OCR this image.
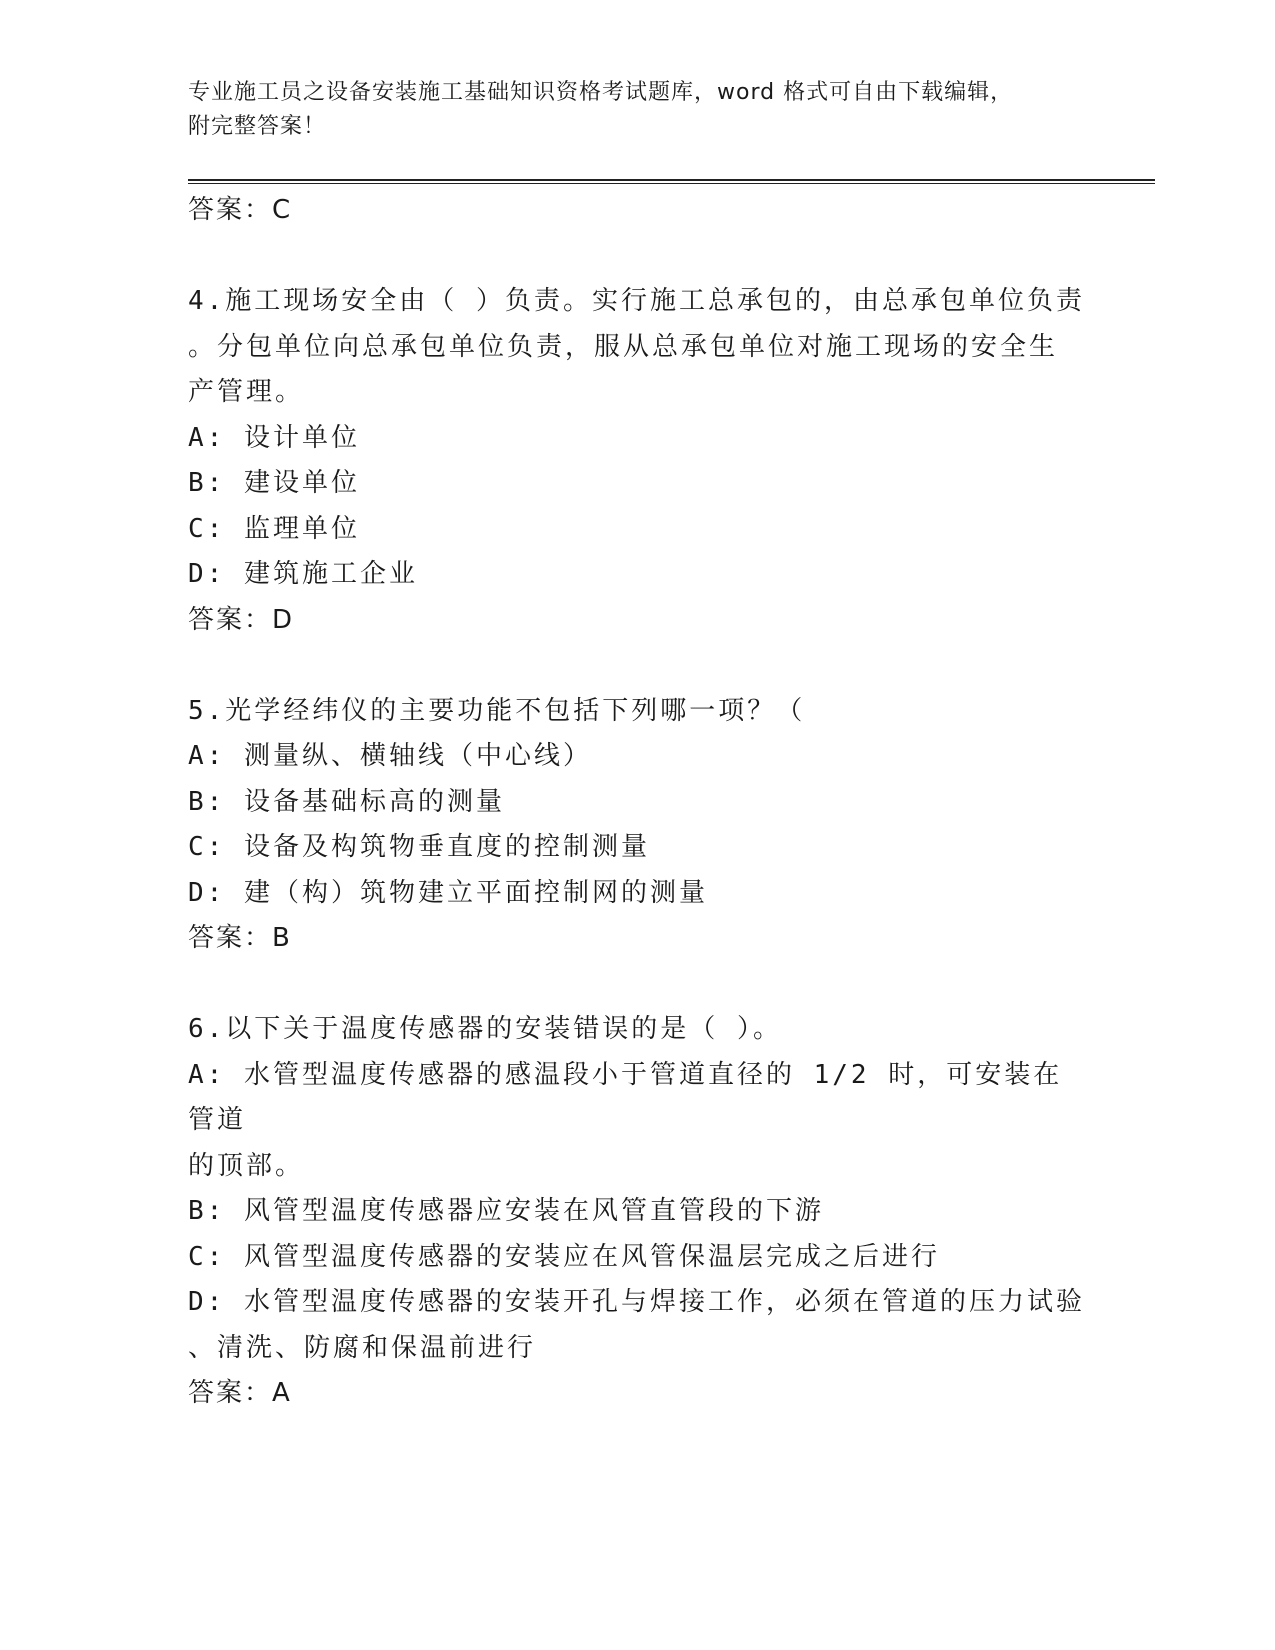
专业施工员之设备安装施工基础知识资格考试题库，word 格式可自由下载编辑，
附完整答案！

答案：C

4.施工现场安全由（ ）负责。实行施工总承包的，由总承包单位负责

。分包单位向总承包单位负责，服从总承包单位对施工现场的安全生

产管理。

A: 设计单位

B: 建设单位

C: 监理单位

D: 建筑施工企业

答案：D

5.光学经纬仪的主要功能不包括下列哪一项？（

A: 测量纵、横轴线（中心线）

B: 设备基础标高的测量

C: 设备及构筑物垂直度的控制测量

D: 建（构）筑物建立平面控制网的测量

答案：B

6.以下关于温度传感器的安装错误的是（ ）。

A: 水管型温度传感器的感温段小于管道直径的 1/2 时，可安装在管道

的顶部。

B: 风管型温度传感器应安装在风管直管段的下游

C: 风管型温度传感器的安装应在风管保温层完成之后进行

D: 水管型温度传感器的安装开孔与焊接工作，必须在管道的压力试验

、清洗、防腐和保温前进行

答案：A
